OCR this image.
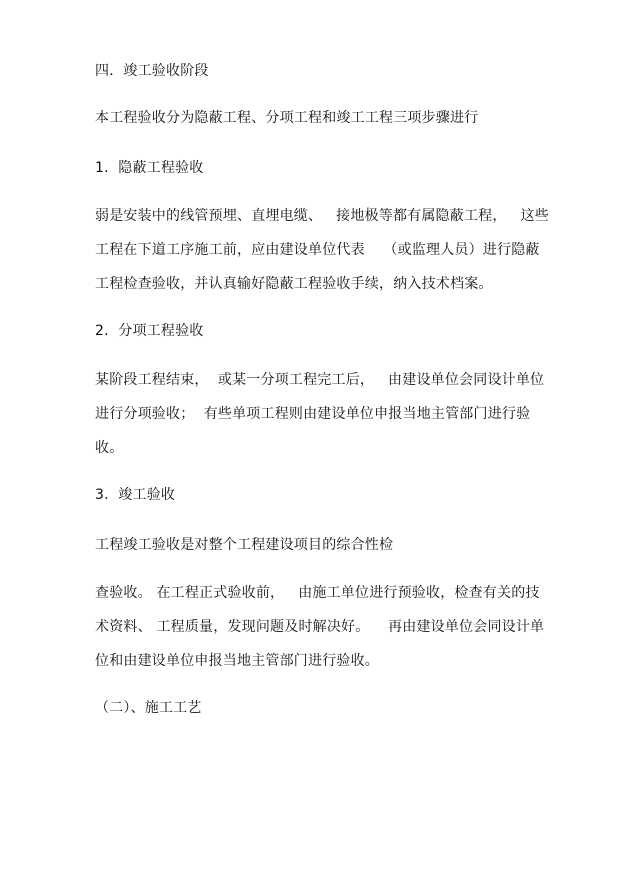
四．竣工验收阶段
本工程验收分为隐蔽工程、分项工程和竣工工程三项步骤进行
1．隐蔽工程验收
弱是安装中的线管预埋、直埋电缆、   接地极等都有属隐蔽工程，   这些
工程在下道工序施工前，应由建设单位代表    （或监理人员）进行隐蔽
工程检查验收，并认真输好隐蔽工程验收手续，纳入技术档案。
2．分项工程验收
某阶段工程结束，  或某一分项工程完工后，   由建设单位会同设计单位
进行分项验收；  有些单项工程则由建设单位申报当地主管部门进行验
收。
3．竣工验收
工程竣工验收是对整个工程建设项目的综合性检
查验收。 在工程正式验收前，   由施工单位进行预验收，检查有关的技
术资料、 工程质量，发现问题及时解决好。    再由建设单位会同设计单
位和由建设单位申报当地主管部门进行验收。
（二）、施工工艺
